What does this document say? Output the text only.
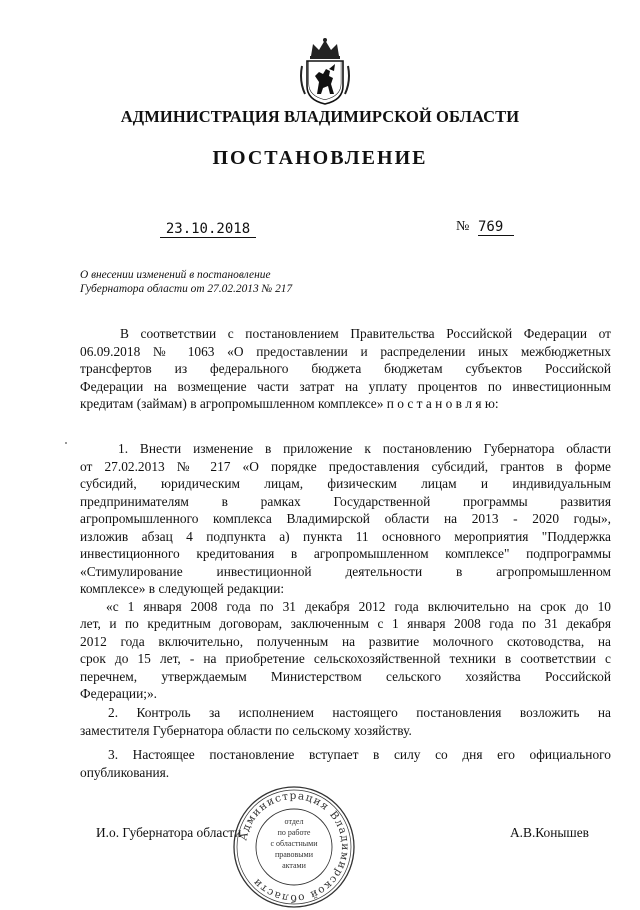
АДМИНИСТРАЦИЯ ВЛАДИМИРСКОЙ ОБЛАСТИ
ПОСТАНОВЛЕНИЕ
23.10.2018	№ 769
О внесении изменений в постановление
Губернатора области от 27.02.2013 № 217
В соответствии с постановлением Правительства Российской Федерации от
06.09.2018 № 1063 «О предоставлении и распределении иных межбюджетных
трансфертов из федерального бюджета бюджетам субъектов Российской
Федерации на возмещение части затрат на уплату процентов по инвестиционным
кредитам (займам) в агропромышленном комплексе» п о с т а н о в л я ю:
1. Внести изменение в приложение к постановлению Губернатора области
от 27.02.2013 № 217 «О порядке предоставления субсидий, грантов в форме
субсидий, юридическим лицам, физическим лицам и индивидуальным
предпринимателям в рамках Государственной программы развития
агропромышленного комплекса Владимирской области на 2013 - 2020 годы»,
изложив абзац 4 подпункта а) пункта 11 основного мероприятия "Поддержка
инвестиционного кредитования в агропромышленном комплексе" подпрограммы
«Стимулирование инвестиционной деятельности в агропромышленном
комплексе» в следующей редакции:
«с 1 января 2008 года по 31 декабря 2012 года включительно на срок до 10
лет, и по кредитным договорам, заключенным с 1 января 2008 года по 31 декабря
2012 года включительно, полученным на развитие молочного скотоводства, на
срок до 15 лет, - на приобретение сельскохозяйственной техники в соответствии с
перечнем, утверждаемым Министерством сельского хозяйства Российской
Федерации;».
2. Контроль за исполнением настоящего постановления возложить на
заместителя Губернатора области по сельскому хозяйству.
3. Настоящее постановление вступает в силу со дня его официального
опубликования.
И.о. Губернатора области	А.В.Конышев
Администрация Владимирской области
отдел
по работе
с областными
правовыми
актами
